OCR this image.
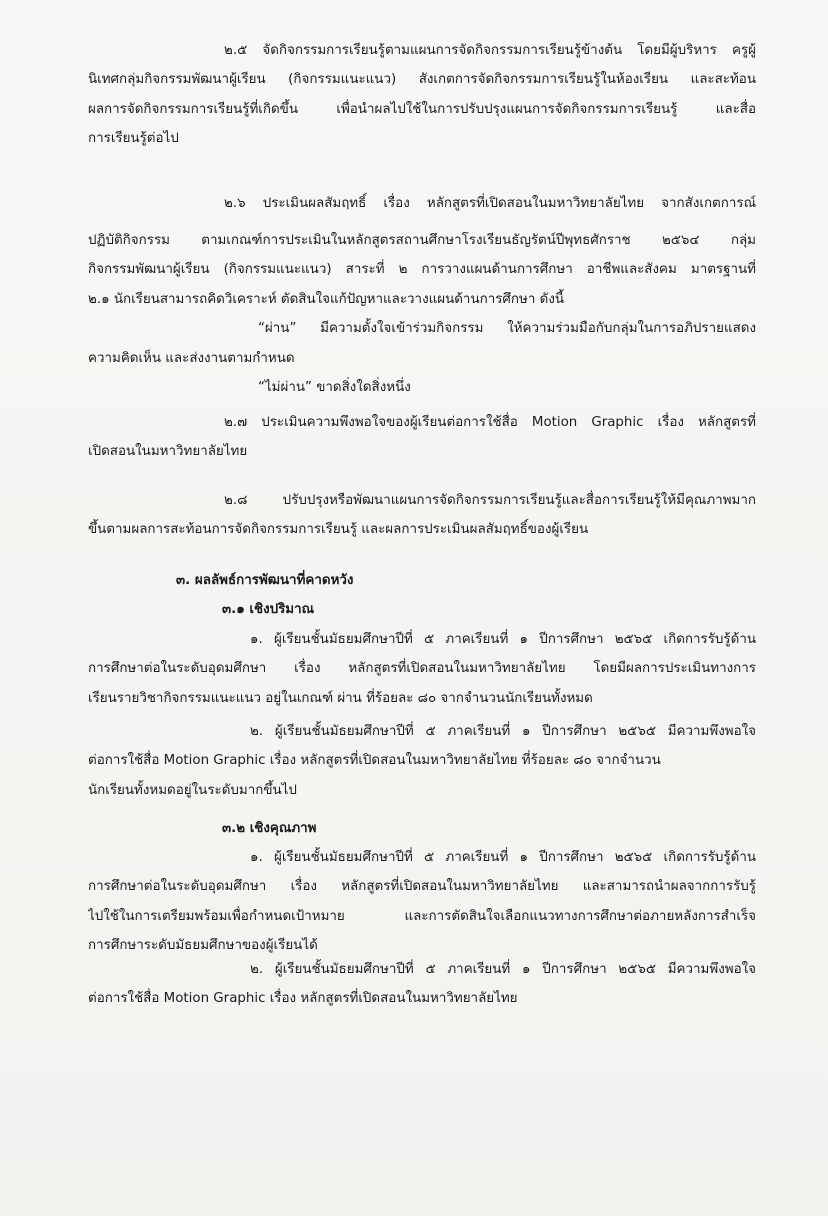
๒.๕ จัดกิจกรรมการเรียนรู้ตามแผนการจัดกิจกรรมการเรียนรู้ข้างต้น โดยมีผู้บริหาร ครูผู้
นิเทศกลุ่มกิจกรรมพัฒนาผู้เรียน (กิจกรรมแนะแนว) สังเกตการจัดกิจกรรมการเรียนรู้ในห้องเรียน และสะท้อน
ผลการจัดกิจกรรมการเรียนรู้ที่เกิดขึ้น เพื่อนำผลไปใช้ในการปรับปรุงแผนการจัดกิจกรรมการเรียนรู้ และสื่อ
การเรียนรู้ต่อไป
๒.๖ ประเมินผลสัมฤทธิ์ เรื่อง หลักสูตรที่เปิดสอนในมหาวิทยาลัยไทย จากสังเกตการณ์
ปฏิบัติกิจกรรม ตามเกณฑ์การประเมินในหลักสูตรสถานศึกษาโรงเรียนธัญรัตน์ปีพุทธศักราช ๒๕๖๔ กลุ่ม
กิจกรรมพัฒนาผู้เรียน (กิจกรรมแนะแนว) สาระที่ ๒ การวางแผนด้านการศึกษา อาชีพและสังคม มาตรฐานที่
๒.๑ นักเรียนสามารถคิดวิเคราะห์ ตัดสินใจแก้ปัญหาและวางแผนด้านการศึกษา ดังนี้
“ผ่าน” มีความตั้งใจเข้าร่วมกิจกรรม ให้ความร่วมมือกับกลุ่มในการอภิปรายแสดง
ความคิดเห็น และส่งงานตามกำหนด
“ไม่ผ่าน” ขาดสิ่งใดสิ่งหนึ่ง
๒.๗ ประเมินความพึงพอใจของผู้เรียนต่อการใช้สื่อ Motion Graphic เรื่อง หลักสูตรที่
เปิดสอนในมหาวิทยาลัยไทย
๒.๘ ปรับปรุงหรือพัฒนาแผนการจัดกิจกรรมการเรียนรู้และสื่อการเรียนรู้ให้มีคุณภาพมาก
ขึ้นตามผลการสะท้อนการจัดกิจกรรมการเรียนรู้ และผลการประเมินผลสัมฤทธิ์ของผู้เรียน
๓. ผลลัพธ์การพัฒนาที่คาดหวัง
๓.๑ เชิงปริมาณ
๑. ผู้เรียนชั้นมัธยมศึกษาปีที่ ๕ ภาคเรียนที่ ๑ ปีการศึกษา ๒๕๖๕ เกิดการรับรู้ด้าน
การศึกษาต่อในระดับอุดมศึกษา เรื่อง หลักสูตรที่เปิดสอนในมหาวิทยาลัยไทย โดยมีผลการประเมินทางการ
เรียนรายวิชากิจกรรมแนะแนว อยู่ในเกณฑ์ ผ่าน ที่ร้อยละ ๘๐ จากจำนวนนักเรียนทั้งหมด
๒. ผู้เรียนชั้นมัธยมศึกษาปีที่ ๕ ภาคเรียนที่ ๑ ปีการศึกษา ๒๕๖๕ มีความพึงพอใจ
ต่อการใช้สื่อ Motion Graphic เรื่อง หลักสูตรที่เปิดสอนในมหาวิทยาลัยไทย ที่ร้อยละ ๘๐ จากจำนวน
นักเรียนทั้งหมดอยู่ในระดับมากขึ้นไป
๓.๒ เชิงคุณภาพ
๑. ผู้เรียนชั้นมัธยมศึกษาปีที่ ๕ ภาคเรียนที่ ๑ ปีการศึกษา ๒๕๖๕ เกิดการรับรู้ด้าน
การศึกษาต่อในระดับอุดมศึกษา เรื่อง หลักสูตรที่เปิดสอนในมหาวิทยาลัยไทย และสามารถนำผลจากการรับรู้
ไปใช้ในการเตรียมพร้อมเพื่อกำหนดเป้าหมาย และการตัดสินใจเลือกแนวทางการศึกษาต่อภายหลังการสำเร็จ
การศึกษาระดับมัธยมศึกษาของผู้เรียนได้
๒. ผู้เรียนชั้นมัธยมศึกษาปีที่ ๕ ภาคเรียนที่ ๑ ปีการศึกษา ๒๕๖๕ มีความพึงพอใจ
ต่อการใช้สื่อ Motion Graphic เรื่อง หลักสูตรที่เปิดสอนในมหาวิทยาลัยไทย
